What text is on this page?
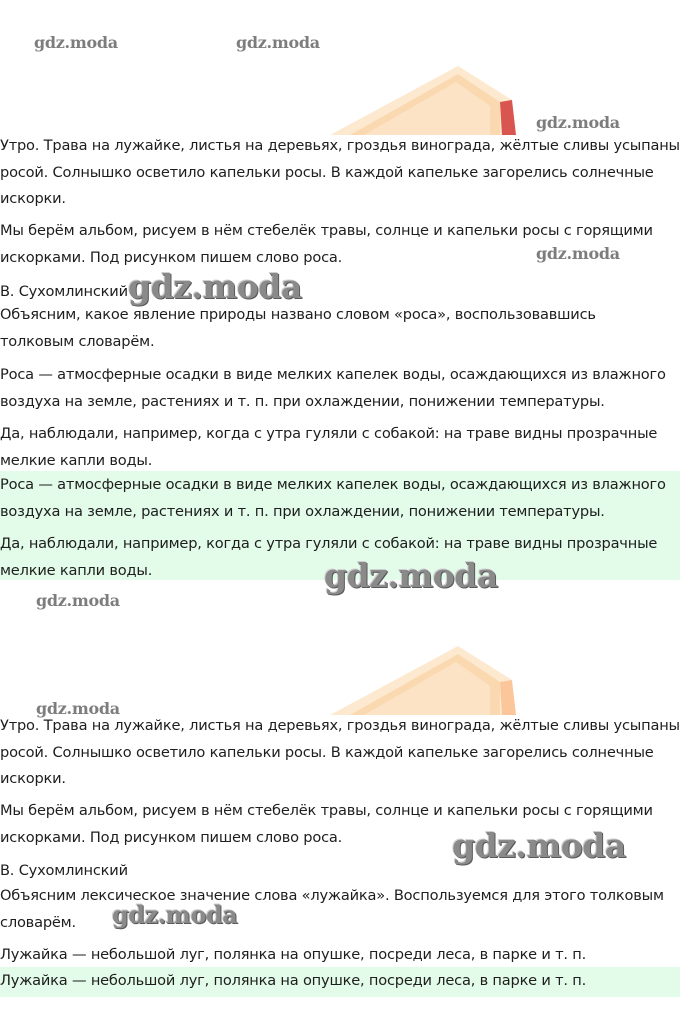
gdz.moda	gdz.moda
gdz.moda
Утро. Трава на лужайке, листья на деревьях, гроздья винограда, жёлтые сливы усыпаны
росой. Солнышко осветило капельки росы. В каждой капельке загорелись солнечные
искорки.
Мы берём альбом, рисуем в нём стебелёк травы, солнце и капельки росы с горящими
искорками. Под рисунком пишем слово роса.	gdz.moda
В. Сухомлинский gdz.moda
Объясним, какое явление природы названо словом «роса», воспользовавшись
толковым словарём.
Роса — атмосферные осадки в виде мелких капелек воды, осаждающихся из влажного
воздуха на земле, растениях и т. п. при охлаждении, понижении температуры.
Да, наблюдали, например, когда с утра гуляли с собакой: на траве видны прозрачные
мелкие капли воды.
Роса — атмосферные осадки в виде мелких капелек воды, осаждающихся из влажного
воздуха на земле, растениях и т. п. при охлаждении, понижении температуры.
Да, наблюдали, например, когда с утра гуляли с собакой: на траве видны прозрачные
мелкие капли воды.	gdz.moda
gdz.moda
gdz.moda
Утро. Трава на лужайке, листья на деревьях, гроздья винограда, жёлтые сливы усыпаны
росой. Солнышко осветило капельки росы. В каждой капельке загорелись солнечные
искорки.
Мы берём альбом, рисуем в нём стебелёк травы, солнце и капельки росы с горящими
искорками. Под рисунком пишем слово роса.	gdz.moda
В. Сухомлинский
Объясним лексическое значение слова «лужайка». Воспользуемся для этого толковым
словарём.	gdz.moda
Лужайка — небольшой луг, полянка на опушке, посреди леса, в парке и т. п.
Лужайка — небольшой луг, полянка на опушке, посреди леса, в парке и т. п.
